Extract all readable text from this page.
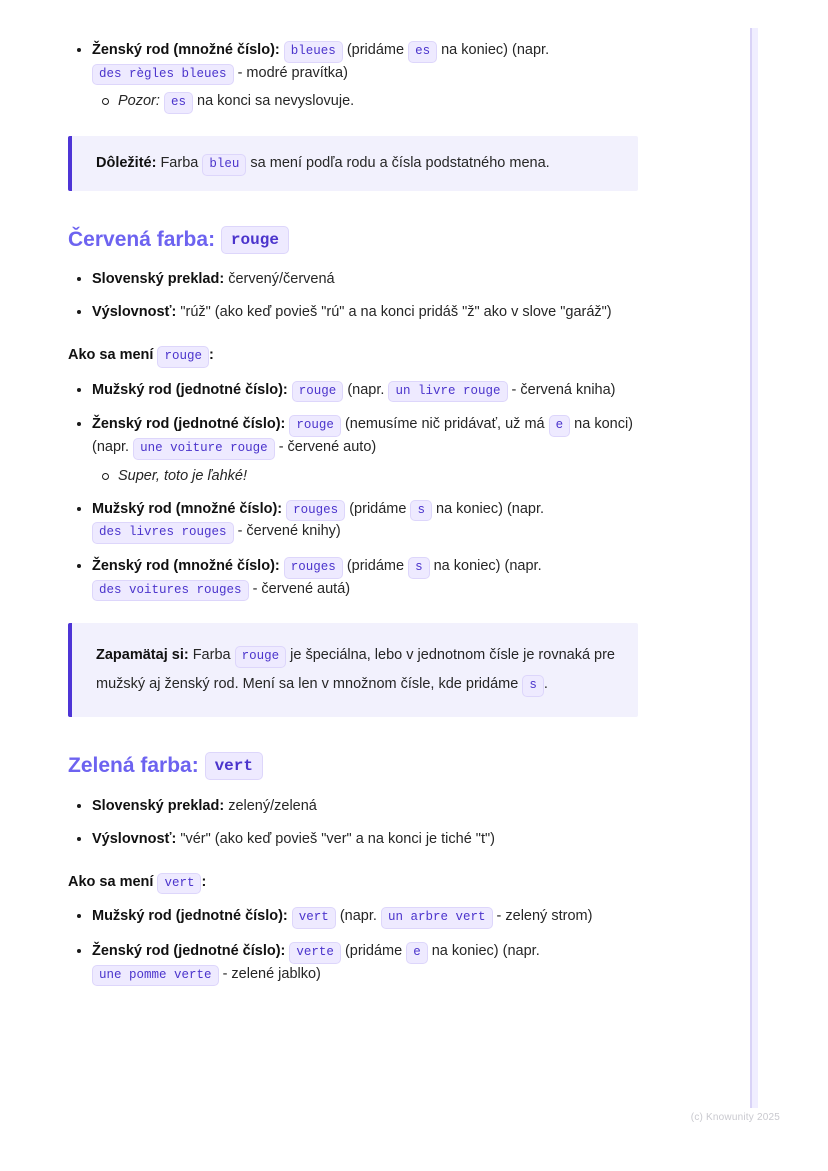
Ženský rod (množné číslo): bleues (pridáme es na koniec) (napr. des règles bleues - modré pravítka)
Pozor: es na konci sa nevyslovuje.
Dôležité: Farba bleu sa mení podľa rodu a čísla podstatného mena.
Červená farba: rouge
Slovenský preklad: červený/červená
Výslovnosť: "rúž" (ako keď povieš "rú" a na konci pridáš "ž" ako v slove "garáž")
Ako sa mení rouge :
Mužský rod (jednotné číslo): rouge (napr. un livre rouge - červená kniha)
Ženský rod (jednotné číslo): rouge (nemusíme nič pridávať, už má e na konci) (napr. une voiture rouge - červené auto)
Super, toto je ľahké!
Mužský rod (množné číslo): rouges (pridáme s na koniec) (napr. des livres rouges - červené knihy)
Ženský rod (množné číslo): rouges (pridáme s na koniec) (napr. des voitures rouges - červené autá)
Zapamätaj si: Farba rouge je špeciálna, lebo v jednotnom čísle je rovnaká pre mužský aj ženský rod. Mení sa len v množnom čísle, kde pridáme s .
Zelená farba: vert
Slovenský preklad: zelený/zelená
Výslovnosť: "vér" (ako keď povieš "ver" a na konci je tiché "t")
Ako sa mení vert :
Mužský rod (jednotné číslo): vert (napr. un arbre vert - zelený strom)
Ženský rod (jednotné číslo): verte (pridáme e na koniec) (napr. une pomme verte - zelené jablko)
(c) Knowunity 2025
